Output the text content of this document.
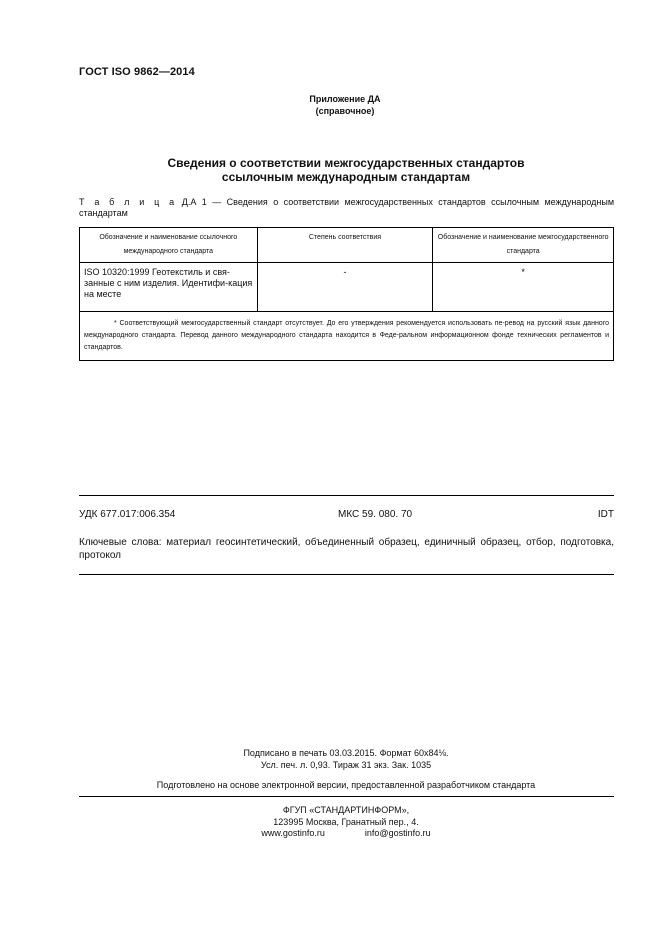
ГОСТ ISO 9862—2014
Приложение ДА
(справочное)
Сведения о соответствии межгосударственных стандартов
ссылочным международным стандартам
Т а б л и ц а Д.А 1 — Сведения о соответствии межгосударственных стандартов ссылочным международным стандартам
Обозначение и наименование ссылочного международного стандарта	Степень соответствия	Обозначение и наименование межгосударственного стандарта
ISO 10320:1999 Геотекстиль и свя-занные с ним изделия. Идентифи-кация на месте	-	*
* Соответствующий межгосударственный стандарт отсутствует. До его утверждения рекомендуется использовать пе-ревод на русский язык данного международного стандарта. Перевод данного международного стандарта находится в Феде-ральном информационном фонде технических регламентов и стандартов.		
УДК 677.017:006.354	МКС 59. 080. 70	IDT
Ключевые слова: материал геосинтетический, объединенный образец, единичный образец, отбор, подготовка, протокол
Подписано в печать 03.03.2015. Формат 60x84⅛.
Усл. печ. л. 0,93. Тираж 31 экз. Зак. 1035
Подготовлено на основе электронной версии, предоставленной разработчиком стандарта
ФГУП «СТАНДАРТИНФОРМ»,
123995 Москва, Гранатный пер., 4.
www.gostinfo.ru	info@gostinfo.ru
